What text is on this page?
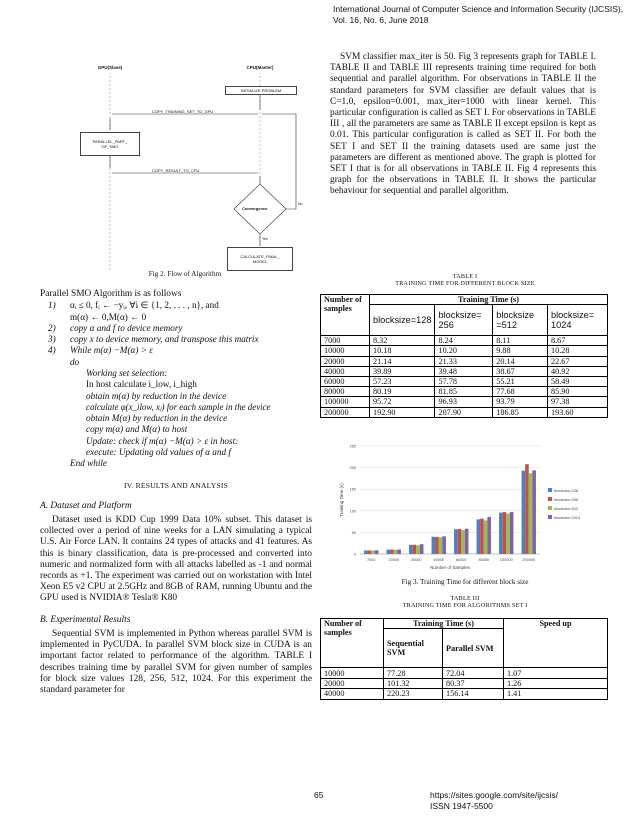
International Journal of Computer Science and Information Security (IJCSIS),
Vol. 16, No. 6, June 2018
GPU(Slave)	CPU(Master)
INITIALIZE PROBLEM
COPY_TRAINING_SET_TO_GPU
PARALLEL_PART_
OF_SMO
COPY_RESULT_TO_CPU
Convergence
No
Yes
CALCULATE_FINAL_
MODEL
Fig 2. Flow of Algorithm

Parallel SMO Algorithm is as follows

1)	αᵢ ≤ 0, fᵢ ← −yᵢ, ∀i ∈ {1, 2, . . . , n}, and
m(α) ← 0,M(α) ← 0
2)	copy α and f to device memory
3)	copy x to device memory, and transpose this matrix
4)	While m(α) −M(α) > ε
do
Working set selection:
In host calculate i_low, i_high
obtain m(α) by reduction in the device
calculate φ(x_ilow, xⱼ) for each sample in the device
obtain M(α) by reduction in the device
copy m(α) and M(α) to host
Update: check if m(α) −M(α) > ε in host:
execute: Updating old values of α and f
End while

IV. RESULTS AND ANALYSIS

A. Dataset and Platform

Dataset used is KDD Cup 1999 Data 10% subset. This dataset is collected over a period of nine weeks for a LAN simulating a typical U.S. Air Force LAN. It contains 24 types of attacks and 41 features. As this is binary classification, data is pre-processed and converted into numeric and normalized form with all attacks labelled as -1 and normal records as +1. The experiment was carried out on workstation with Intel Xeon E5 v2 CPU at 2.5GHz and 8GB of RAM, running Ubuntu and the GPU used is NVIDIA® Tesla® K80

B. Experimental Results

Sequential SVM is implemented in Python whereas parallel SVM is implemented in PyCUDA. In parallel SVM block size in CUDA is an important factor related to performance of the algorithm. TABLE I describes training time by parallel SVM for given number of samples for block size values 128, 256, 512, 1024. For this experiment the standard parameter for

SVM classifier max_iter is 50. Fig 3 represents graph for TABLE I. TABLE II and TABLE III represents training time required for both sequential and parallel algorithm. For observations in TABLE II the standard parameters for SVM classifier are default values that is C=1.0, epsilon=0.001, max_iter=1000 with linear kernel. This particular configuration is called as SET I. For observations in TABLE III , all the parameters are same as TABLE II except epsilon is kept as 0.01. This particular configuration is called as SET II. For both the SET I and SET II the training datasets used are same just the parameters are different as mentioned above. The graph is plotted for SET I that is for all observations in TABLE II. Fig 4 represents this graph for the observations in TABLE II. It shows the particular behaviour for sequential and parallel algorithm.

TABLE I
TRAINING TIME FOR DIFFERENT BLOCK SIZE
Number of samples	Training Time (s)			
	blocksize=128	blocksize= 256	blocksize =512	blocksize= 1024
7000	8.32	8.24	8.11	8.67
10000	10.18	10.20	9.88	10.28
20000	21.14	21.33	20.14	22.67
40000	39.89	39.48	38.67	40.92
60000	57.23	57.78	55.21	58.49
80000	80.19	81.85	77.68	85.90
100000	95.72	96.93	93.79	97.38
200000	192.90	207.90	186.85	193.60
0
50
100
150
200
250
7000	10000	20000	40000	60000	80000	100000	200000
Number of Samples
Training Time (s)	blocksize=128
blocksize=256
blocksize=512
blocksize=1024
Fig 3. Training Time for different block size
TABLE III
TRAINING TIME FOR ALGORITHMS SET I
Number of samples	Training Time (s)		Speed up
	Sequential SVM	Parallel SVM	
10000	77.28	72.04	1.07
20000	101.32	80.37	1.26
40000	220.23	156.14	1.41
65	https://sites.google.com/site/ijcsis/
ISSN 1947-5500
